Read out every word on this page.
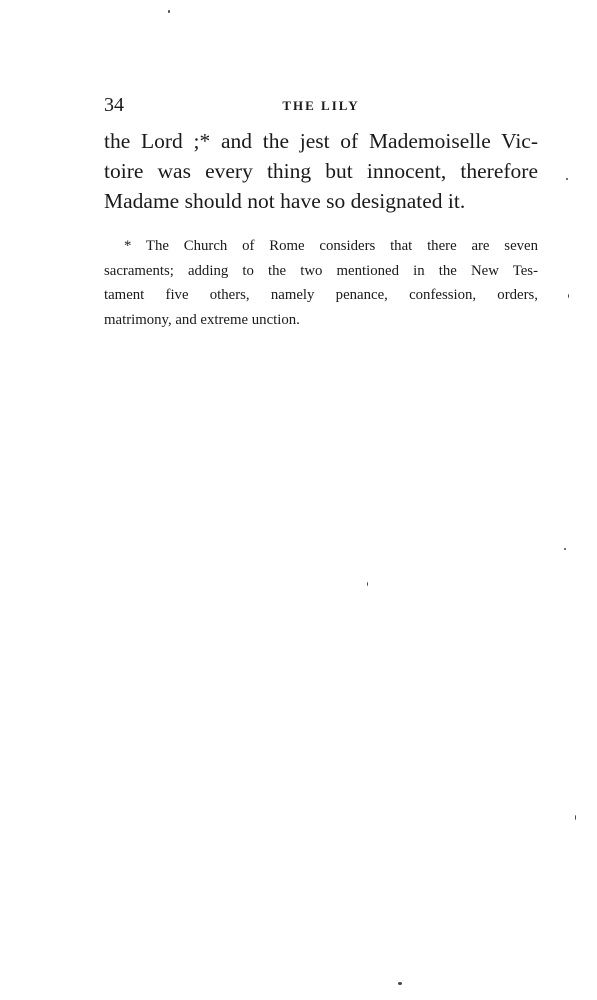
34	THE LILY
the Lord ;* and the jest of Mademoiselle Vic-
toire was every thing but innocent, therefore
Madame should not have so designated it.
* The Church of Rome considers that there are seven
sacraments; adding to the two mentioned in the New Tes-
tament five others, namely penance, confession, orders,
matrimony, and extreme unction.
